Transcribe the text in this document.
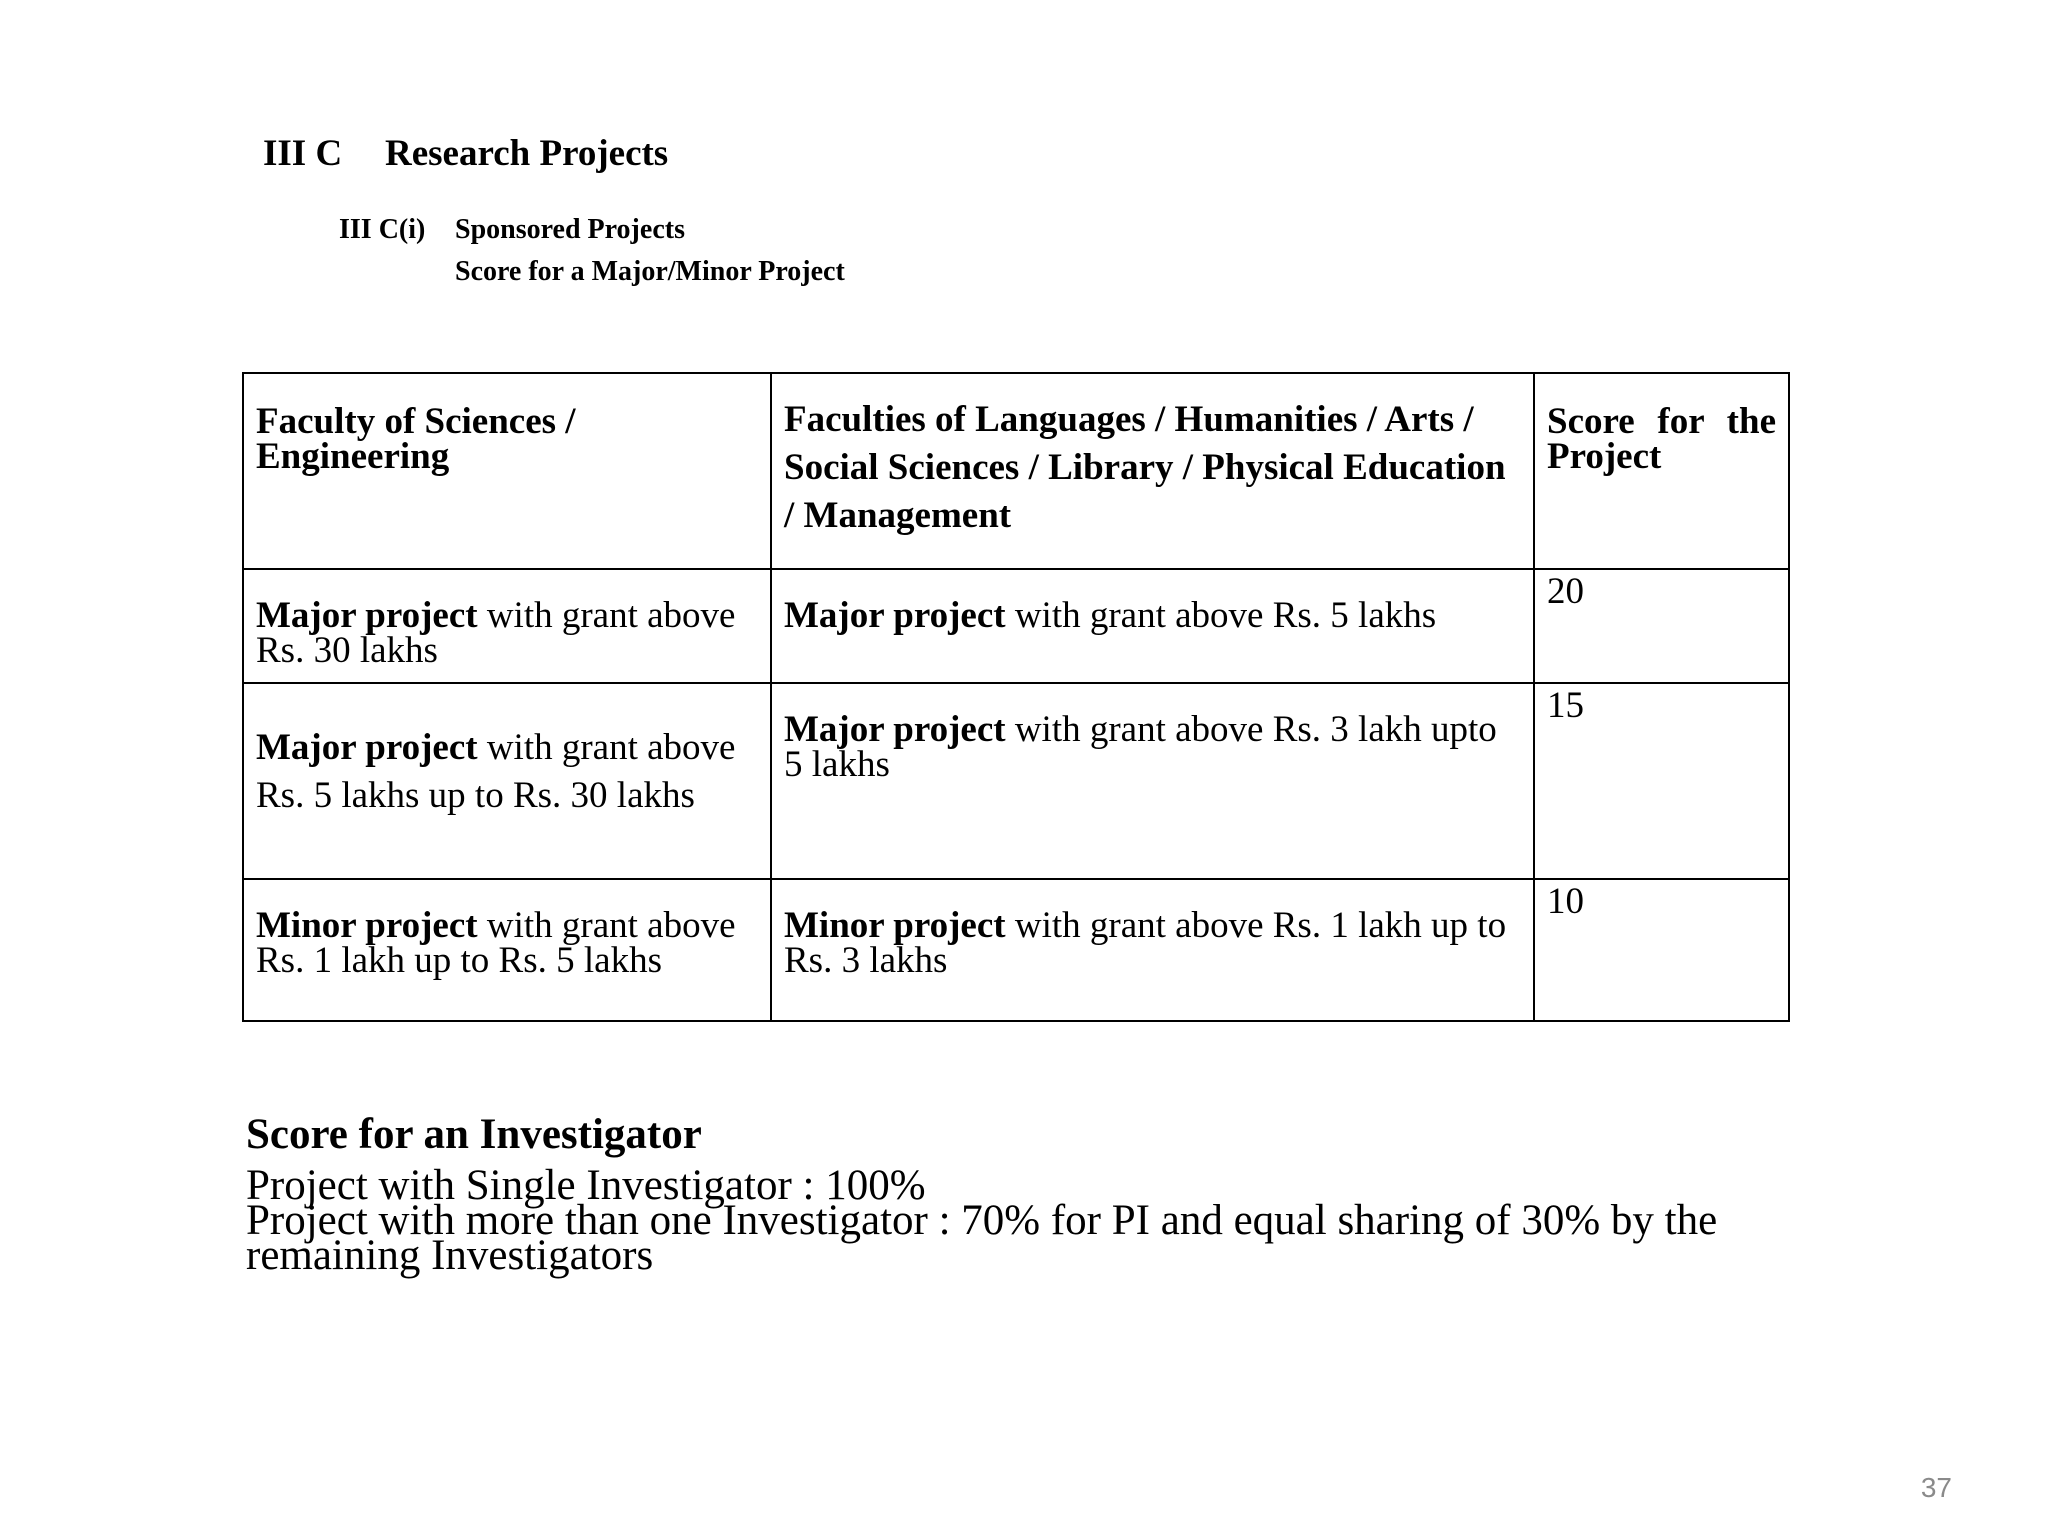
III C Research Projects
III C(i) Sponsored Projects
Score for a Major/Minor Project
Faculty of Sciences / Engineering	Faculties of Languages / Humanities / Arts / Social Sciences / Library / Physical Education / Management	Score for the Project

Major project with grant above Rs. 30 lakhs	Major project with grant above Rs. 5 lakhs	20

Major project with grant above Rs. 5 lakhs up to Rs. 30 lakhs	Major project with grant above Rs. 3 lakh upto 5 lakhs	15

Minor project with grant above Rs. 1 lakh up to Rs. 5 lakhs	Minor project with grant above Rs. 1 lakh up to Rs. 3 lakhs	10
Score for an Investigator
Project with Single Investigator : 100%
Project with more than one Investigator : 70% for PI and equal sharing of 30% by the remaining Investigators
37
